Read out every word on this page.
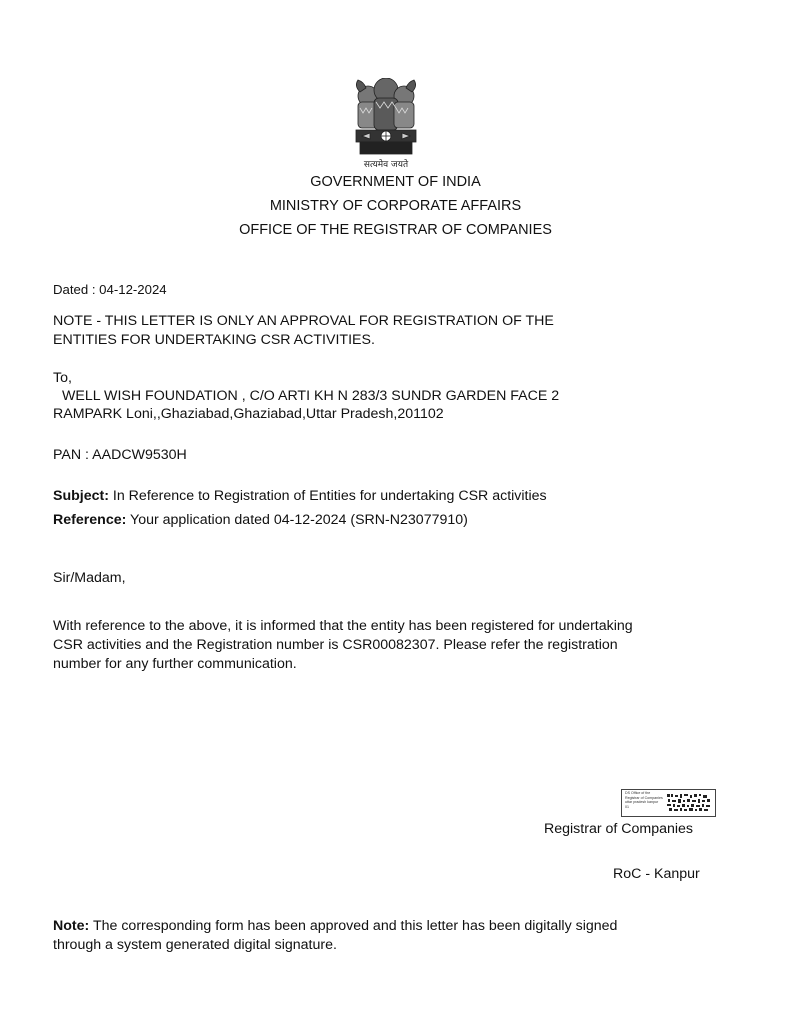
सत्यमेव जयते
GOVERNMENT OF INDIA
MINISTRY OF CORPORATE AFFAIRS
OFFICE OF THE REGISTRAR OF COMPANIES
Dated : 04-12-2024
NOTE - THIS LETTER IS ONLY AN APPROVAL FOR REGISTRATION OF THE
ENTITIES FOR UNDERTAKING CSR ACTIVITIES.
To,
WELL WISH FOUNDATION , C/O ARTI KH N 283/3 SUNDR GARDEN FACE 2
RAMPARK Loni,,Ghaziabad,Ghaziabad,Uttar Pradesh,201102
PAN : AADCW9530H
Subject: In Reference to Registration of Entities for undertaking CSR activities
Reference: Your application dated 04-12-2024 (SRN-N23077910)
Sir/Madam,
With reference to the above, it is informed that the entity has been registered for undertaking
CSR activities and the Registration number is CSR00082307. Please refer the registration
number for any further communication.
DS Office of the Registrar of Companies uttar pradesh kanpur 01
Registrar of Companies
RoC - Kanpur
Note: The corresponding form has been approved and this letter has been digitally signed
through a system generated digital signature.
